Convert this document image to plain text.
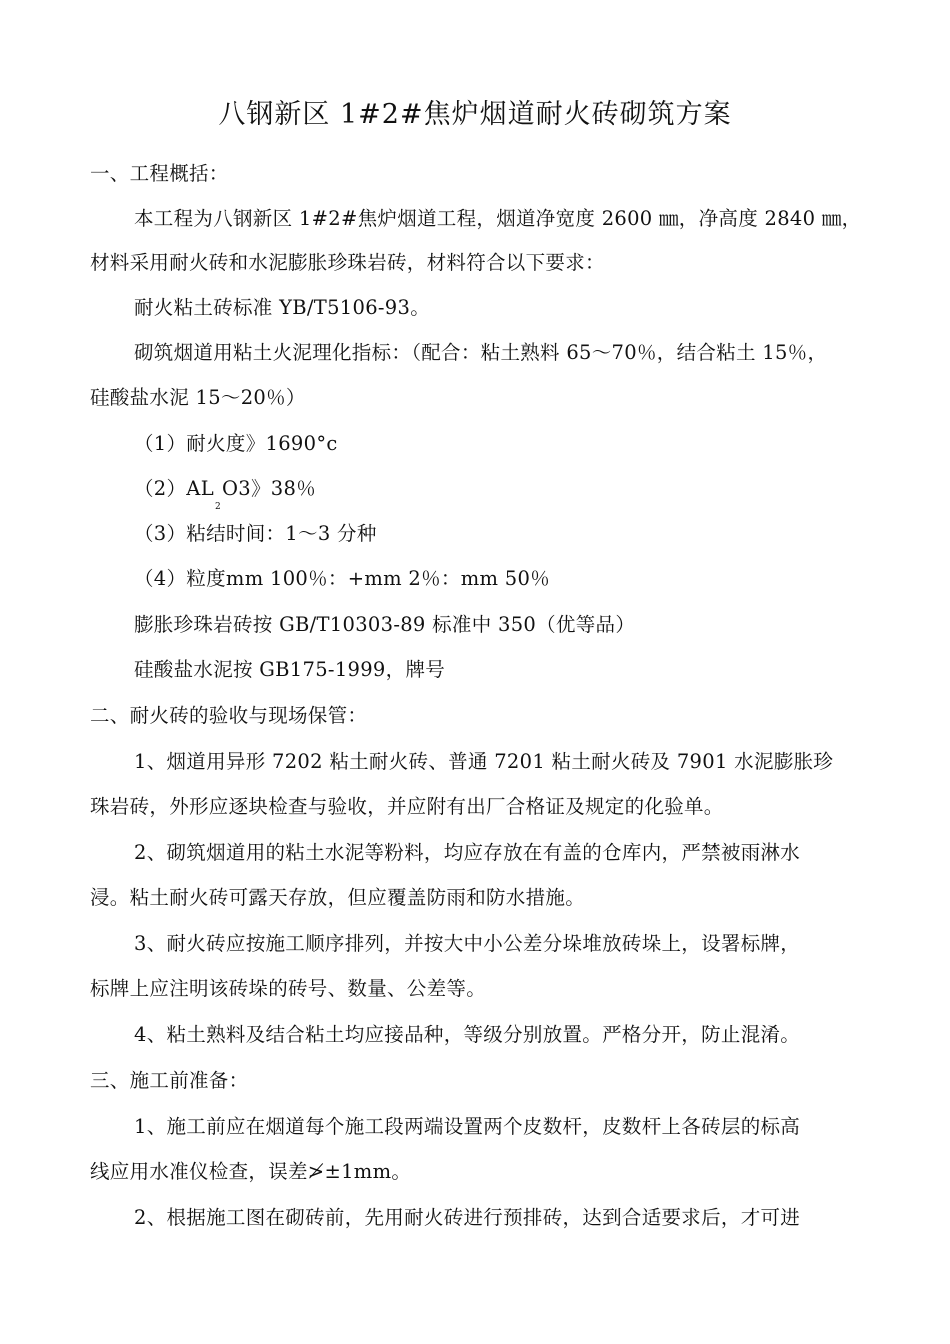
八钢新区 1#2#焦炉烟道耐火砖砌筑方案
一、工程概括：
本工程为八钢新区 1#2#焦炉烟道工程，烟道净宽度 2600 ㎜，净高度 2840 ㎜，
材料采用耐火砖和水泥膨胀珍珠岩砖，材料符合以下要求：
耐火粘土砖标准 YB/T5106-93。
砌筑烟道用粘土火泥理化指标：（配合：粘土熟料 65～70％，结合粘土 15％，
硅酸盐水泥 15～20％）
（1）耐火度》1690°c
$(2)AL_2O3$》38％
（3）粘结时间：1～3 分种
（4）粒度mm 100％：+mm 2％：mm 50％
膨胀珍珠岩砖按 GB/T10303-89 标准中 350（优等品）
硅酸盐水泥按 GB175-1999，牌号
二、耐火砖的验收与现场保管：
1、烟道用异形 7202 粘土耐火砖、普通 7201 粘土耐火砖及 7901 水泥膨胀珍
珠岩砖，外形应逐块检查与验收，并应附有出厂合格证及规定的化验单。
2、砌筑烟道用的粘土水泥等粉料，均应存放在有盖的仓库内，严禁被雨淋水
浸。粘土耐火砖可露天存放，但应覆盖防雨和防水措施。
3、耐火砖应按施工顺序排列，并按大中小公差分垛堆放砖垛上，设署标牌，
标牌上应注明该砖垛的砖号、数量、公差等。
4、粘土熟料及结合粘土均应接品种，等级分别放置。严格分开，防止混淆。
三、施工前准备：
1、施工前应在烟道每个施工段两端设置两个皮数杆，皮数杆上各砖层的标高
线应用水准仪检查，误差≯±1mm。
2、根据施工图在砌砖前，先用耐火砖进行预排砖，达到合适要求后，才可进
